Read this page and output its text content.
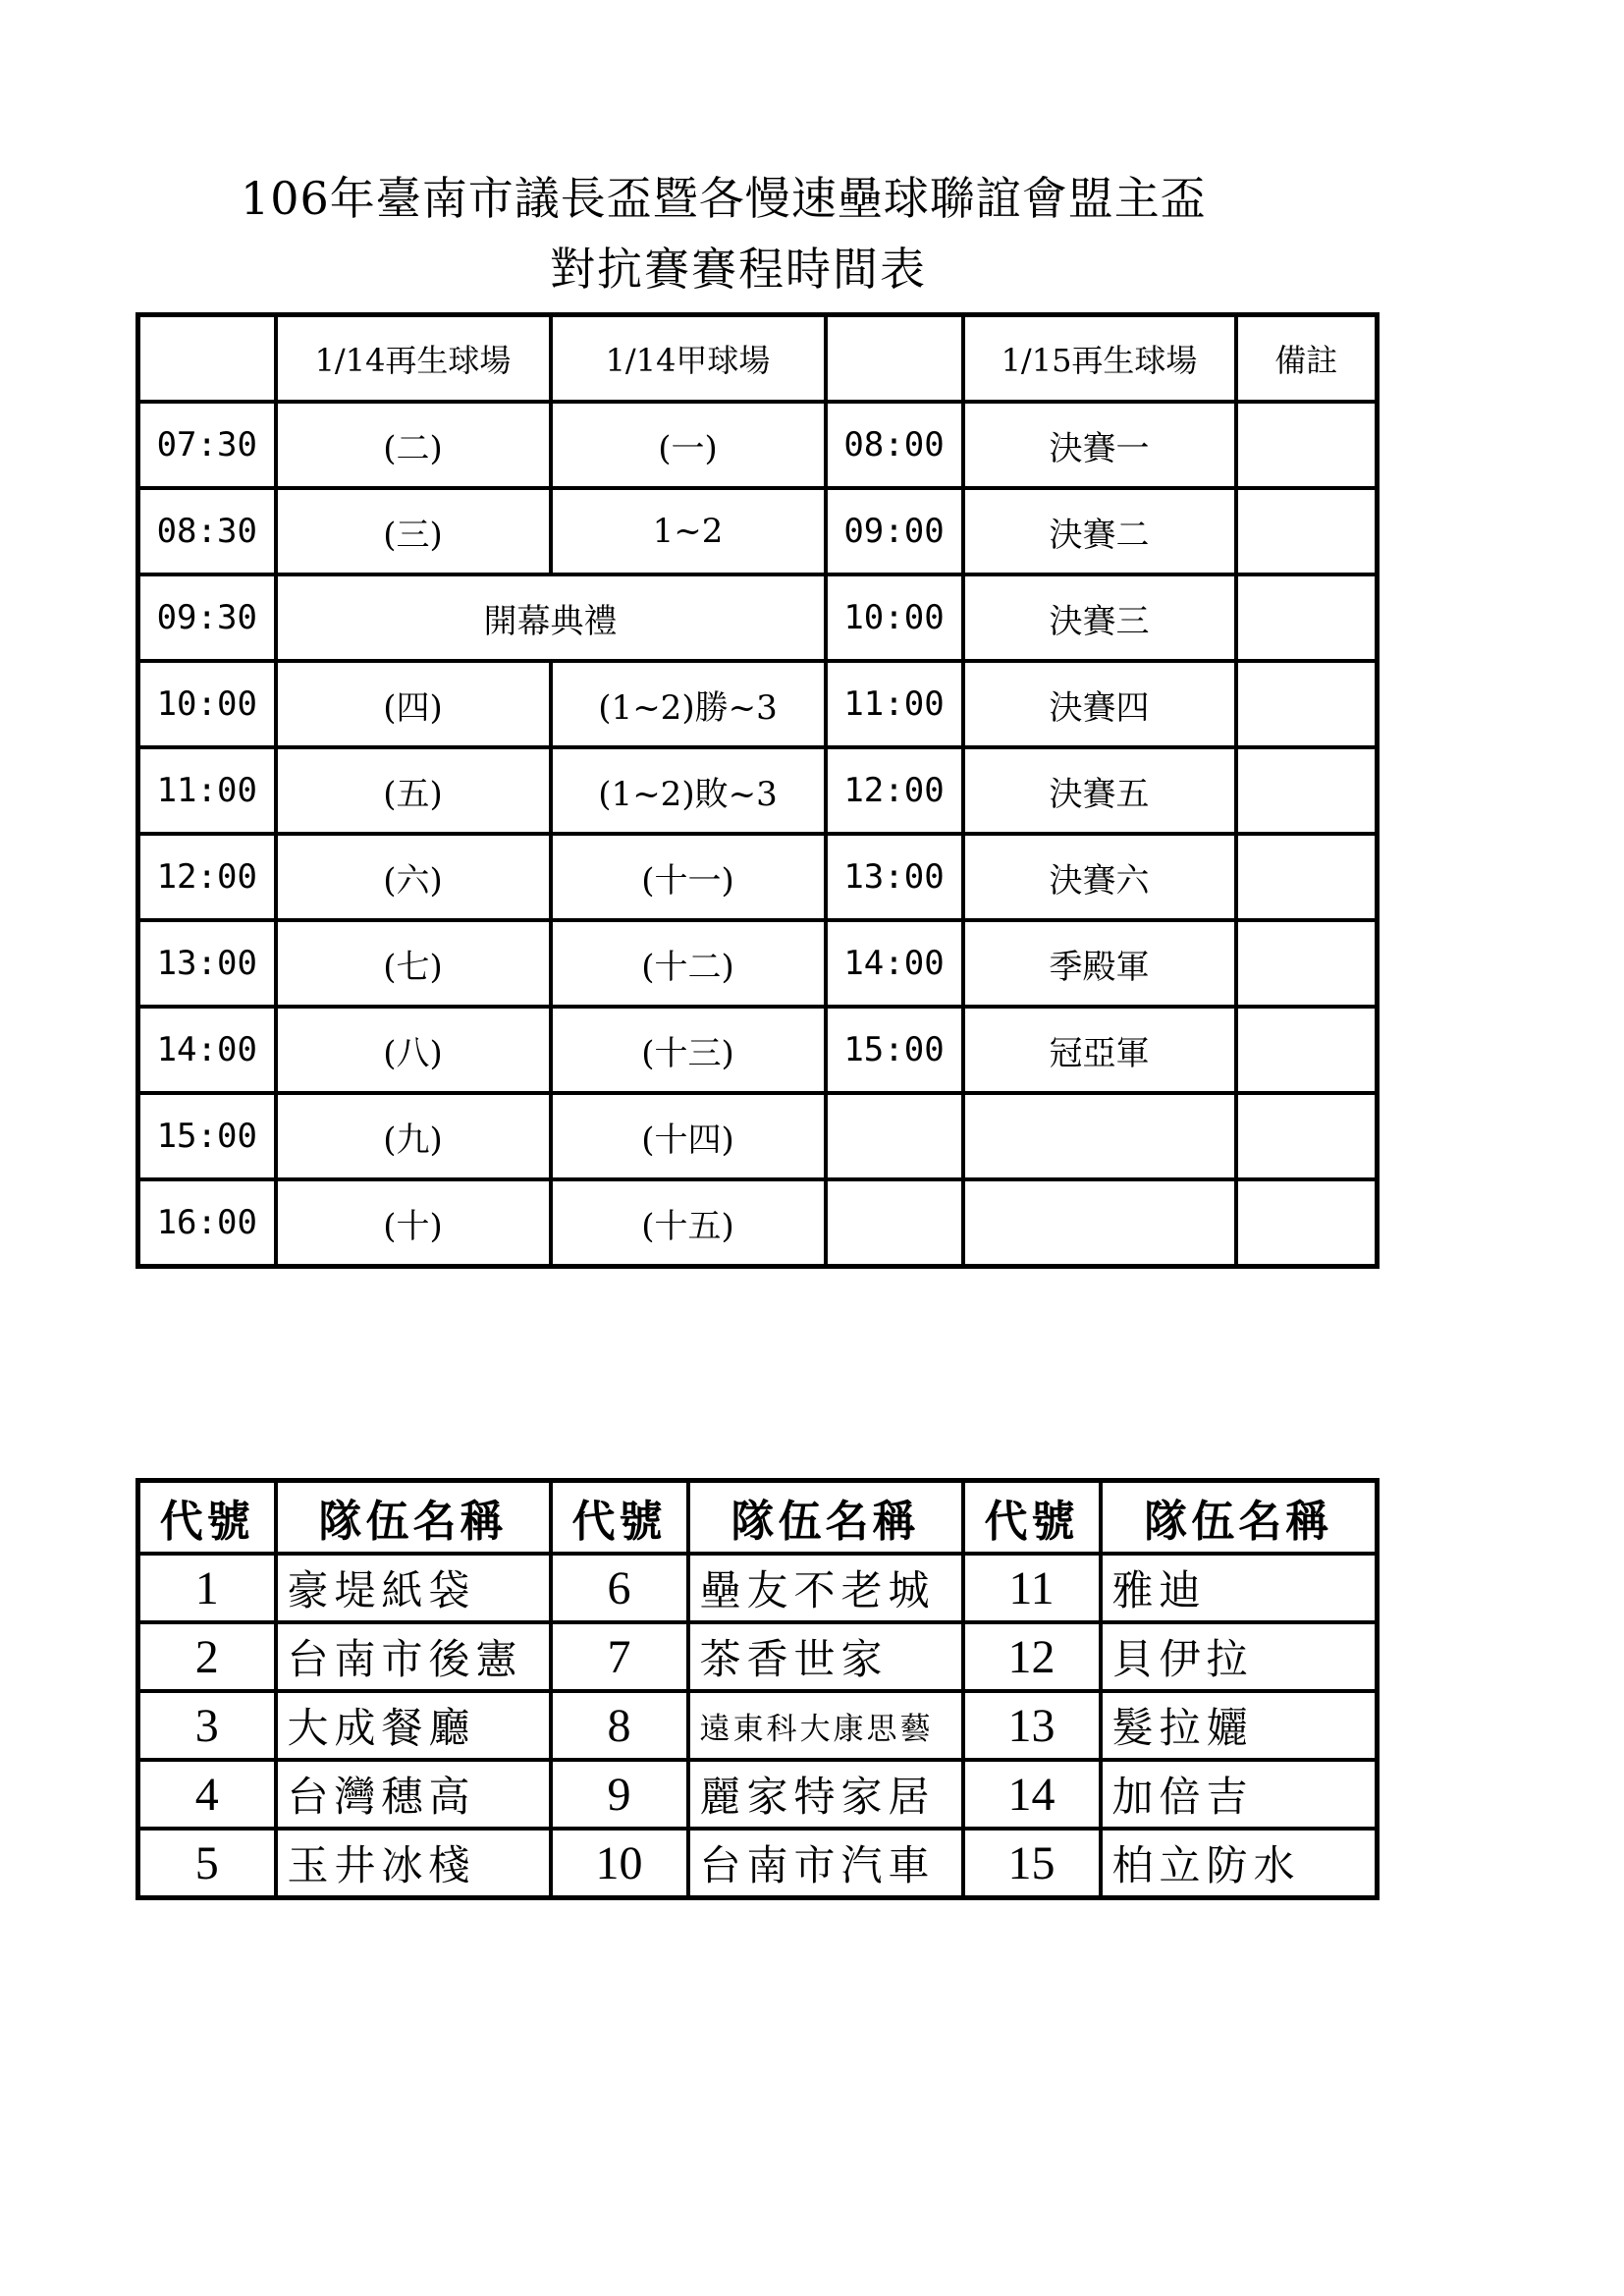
106年臺南市議長盃暨各慢速壘球聯誼會盟主盃
對抗賽賽程時間表
	1/14再生球場	1/14甲球場		1/15再生球場	備註
07:30	(二)	(一)	08:00	決賽一	
08:30	(三)	1~2	09:00	決賽二	
09:30	開幕典禮		10:00	決賽三	
10:00	(四)	(1~2)勝~3	11:00	決賽四	
11:00	(五)	(1~2)敗~3	12:00	決賽五	
12:00	(六)	(十一)	13:00	決賽六	
13:00	(七)	(十二)	14:00	季殿軍	
14:00	(八)	(十三)	15:00	冠亞軍	
15:00	(九)	(十四)			
16:00	(十)	(十五)			
代號	隊伍名稱	代號	隊伍名稱	代號	隊伍名稱
1	豪堤紙袋	6	壘友不老城	11	雅迪
2	台南市後憲	7	茶香世家	12	貝伊拉
3	大成餐廳	8	遠東科大康思藝	13	髮拉孋
4	台灣穗高	9	麗家特家居	14	加倍吉
5	玉井冰棧	10	台南市汽車	15	柏立防水
